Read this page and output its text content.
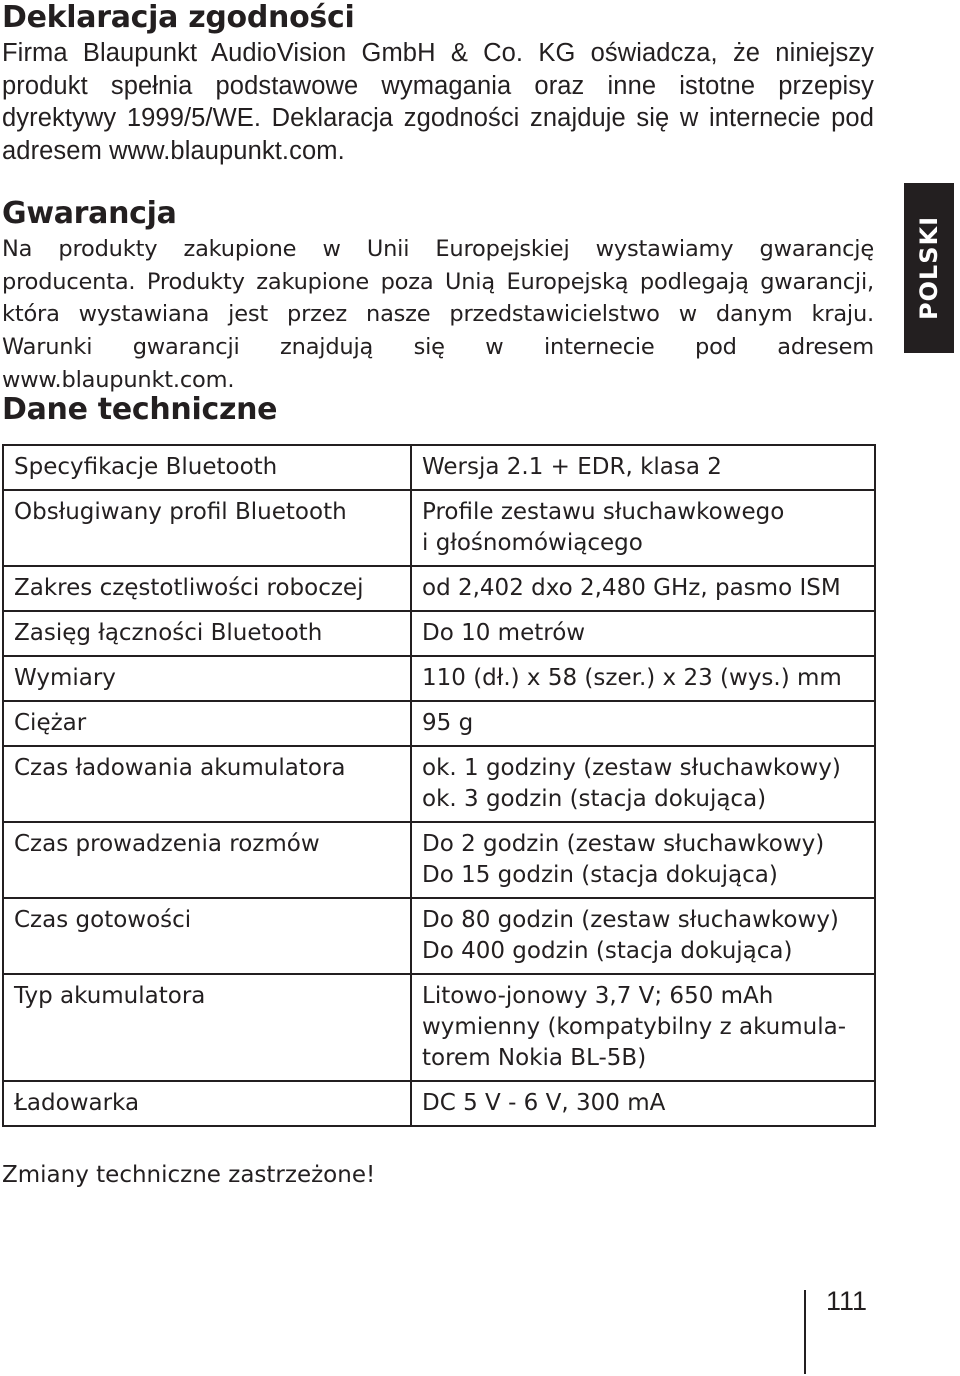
Deklaracja zgodności

Firma Blaupunkt AudioVision GmbH & Co. KG oświadcza, że niniejszy produkt spełnia podstawowe wymagania oraz inne istotne przepisy dyrektywy 1999/5/WE. Deklaracja zgodności znajduje się w internecie pod adresem www.blaupunkt.com.

Gwarancja

Na produkty zakupione w Unii Europejskiej wystawiamy gwarancję producenta. Produkty zakupione poza Unią Europejską podlegają gwarancji, która wystawiana jest przez nasze przedstawicielstwo w danym kraju. Warunki gwarancji znajdują się w internecie pod adresem www.blaupunkt.com.

POLSKI
Dane techniczne
Specyfikacje Bluetooth	Wersja 2.1 + EDR, klasa 2

Obsługiwany profil Bluetooth	Profile zestawu słuchawkowego
i głośnomówiącego

Zakres częstotliwości roboczej	od 2,402 dxo 2,480 GHz, pasmo ISM

Zasięg łączności Bluetooth	Do 10 metrów

Wymiary	110 (dł.) x 58 (szer.) x 23 (wys.) mm

Ciężar	95 g

Czas ładowania akumulatora	ok. 1 godziny (zestaw słuchawkowy)
ok. 3 godzin (stacja dokująca)

Czas prowadzenia rozmów	Do 2 godzin (zestaw słuchawkowy)
Do 15 godzin (stacja dokująca)

Czas gotowości	Do 80 godzin (zestaw słuchawkowy)
Do 400 godzin (stacja dokująca)

Typ akumulatora	Litowo-jonowy 3,7 V; 650 mAh
wymienny (kompatybilny z akumula-
torem Nokia BL-5B)

Ładowarka	DC 5 V - 6 V, 300 mA

Zmiany techniczne zastrzeżone!

111
